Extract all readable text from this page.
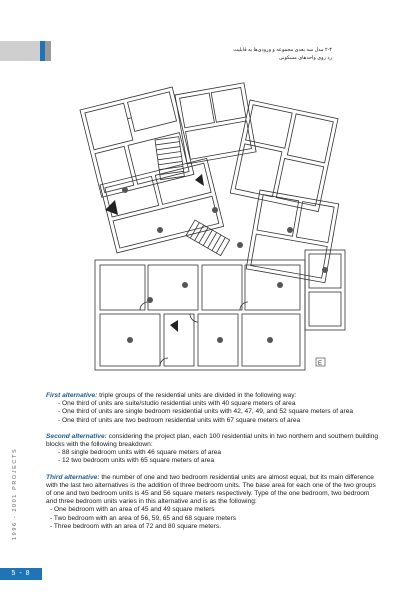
۲-۴ مدل سه بعدی مجموعه و ورودی‌ها به قابلیت
رد روی واحدهای مسکونی
E
1996 - 2001 PROJECTS
5 - 8

First alternative: triple groups of the residential units are divided in the following way:

- One third of units are suite/studio residential units with 40 square meters of area

- One third of units are single bedroom residential units with 42, 47, 49, and 52 square meters of area

- One third of units are two bedroom residential units with 67 square meters of area

Second alternative: considering the project plan, each 100 residential units in two northern and southern building blocks with the following breakdown:

- 88 single bedroom units with 46 square meters of area

- 12 two bedroom units with 65 square meters of area

Third alternative: the number of one and two bedroom residential units are almost equal, but its main difference with the last two alternatives is the addition of three bedroom units. The base area for each one of the two groups of one and two bedroom units is 45 and 56 square meters respectively. Type of the one bedroom, two bedroom and three bedroom units varies in this alternative and is as the following:

- One bedroom with an area of 45 and 49 square meters

- Two bedroom with an area of 56, 59, 65 and 68 square meters

- Three bedroom with an area of 72 and 80 square meters.
